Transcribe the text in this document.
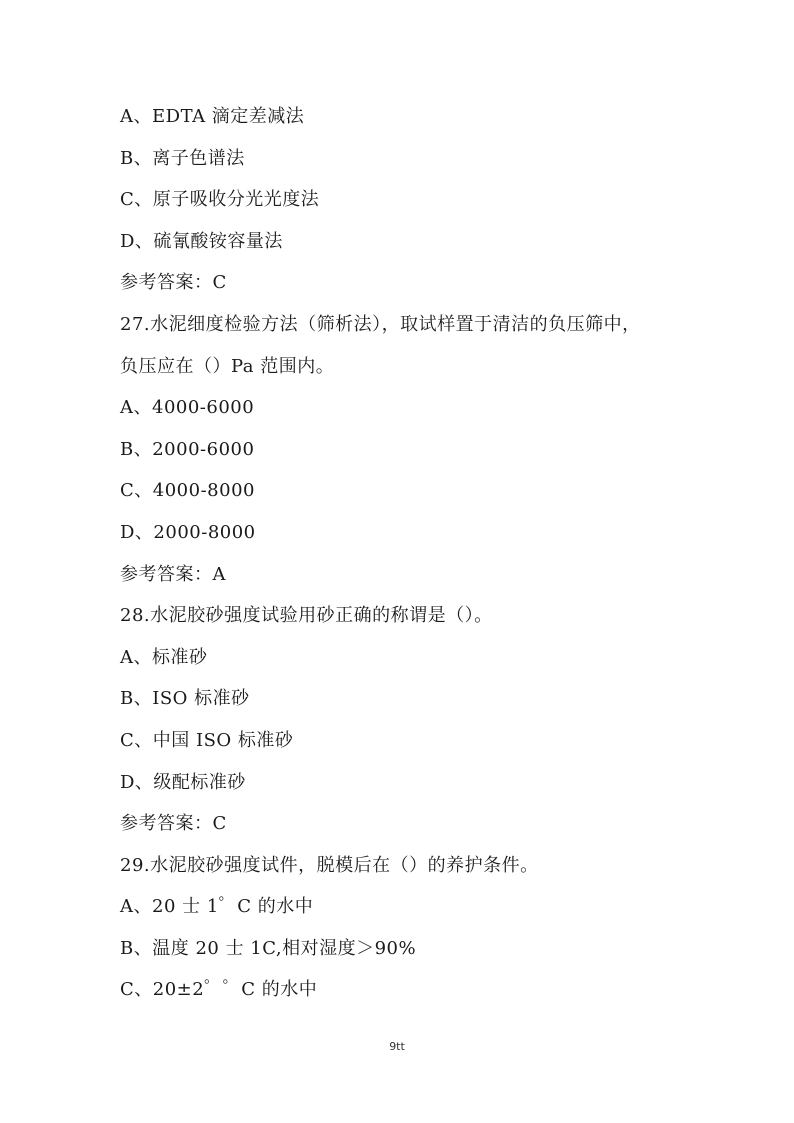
A、EDTA 滴定差减法
B、离子色谱法
C、原子吸收分光光度法
D、硫氰酸铵容量法
参考答案：C
27.水泥细度检验方法（筛析法），取试样置于清洁的负压筛中，
负压应在（）Pa 范围内。
A、4000-6000
B、2000-6000
C、4000-8000
D、2000-8000
参考答案：A
28.水泥胶砂强度试验用砂正确的称谓是（）。
A、标准砂
B、ISO 标准砂
C、中国 ISO 标准砂
D、级配标准砂
参考答案：C
29.水泥胶砂强度试件，脱模后在（）的养护条件。
A、20 士 1゜C 的水中
B、温度 20 士 1C,相对湿度＞90%
C、20±2゜゜C 的水中
9tt
